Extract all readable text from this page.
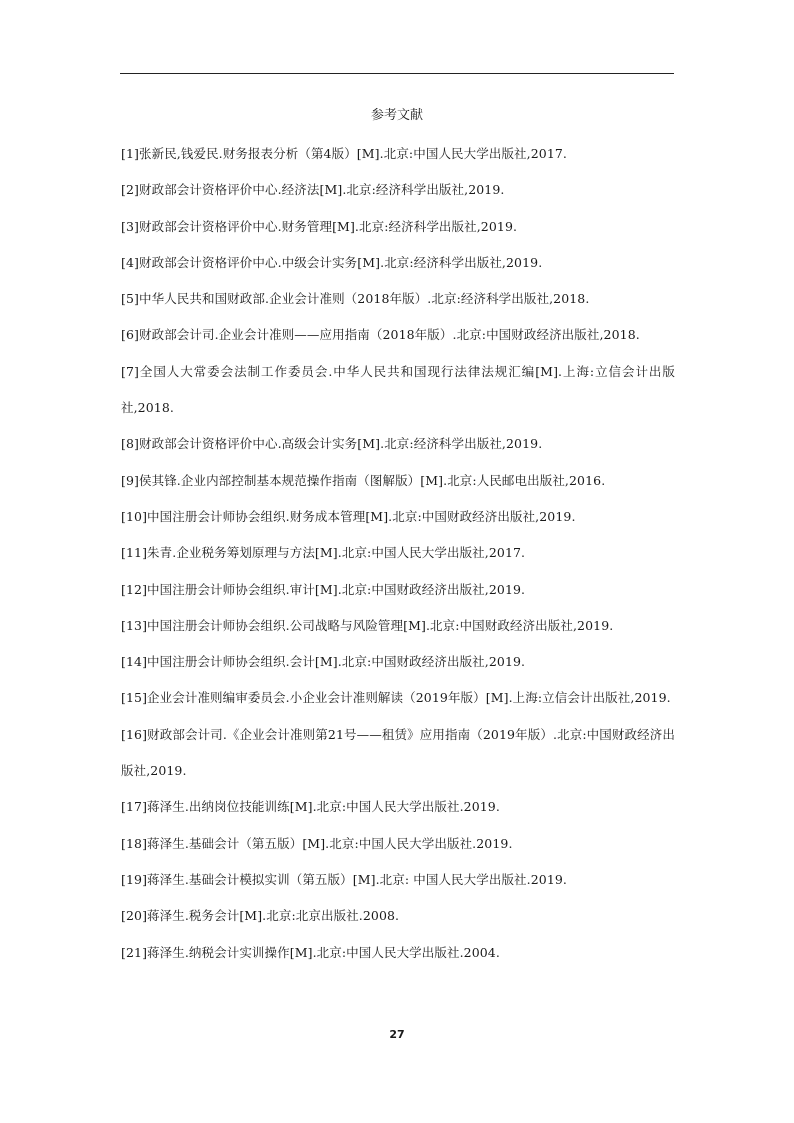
参考文献

[1]张新民,钱爱民.财务报表分析（第4版）[M].北京:中国人民大学出版社,2017.

[2]财政部会计资格评价中心.经济法[M].北京:经济科学出版社,2019.

[3]财政部会计资格评价中心.财务管理[M].北京:经济科学出版社,2019.

[4]财政部会计资格评价中心.中级会计实务[M].北京:经济科学出版社,2019.

[5]中华人民共和国财政部.企业会计准则（2018年版）.北京:经济科学出版社,2018.

[6]财政部会计司.企业会计准则——应用指南（2018年版）.北京:中国财政经济出版社,2018.

[7]全国人大常委会法制工作委员会.中华人民共和国现行法律法规汇编[M].上海:立信会计出版社,2018.

[8]财政部会计资格评价中心.高级会计实务[M].北京:经济科学出版社,2019.

[9]侯其锋.企业内部控制基本规范操作指南（图解版）[M].北京:人民邮电出版社,2016.

[10]中国注册会计师协会组织.财务成本管理[M].北京:中国财政经济出版社,2019.

[11]朱青.企业税务筹划原理与方法[M].北京:中国人民大学出版社,2017.

[12]中国注册会计师协会组织.审计[M].北京:中国财政经济出版社,2019.

[13]中国注册会计师协会组织.公司战略与风险管理[M].北京:中国财政经济出版社,2019.

[14]中国注册会计师协会组织.会计[M].北京:中国财政经济出版社,2019.

[15]企业会计准则编审委员会.小企业会计准则解读（2019年版）[M].上海:立信会计出版社,2019.

[16]财政部会计司.《企业会计准则第21号——租赁》应用指南（2019年版）.北京:中国财政经济出版社,2019.

[17]蒋泽生.出纳岗位技能训练[M].北京:中国人民大学出版社.2019.

[18]蒋泽生.基础会计（第五版）[M].北京:中国人民大学出版社.2019.

[19]蒋泽生.基础会计模拟实训（第五版）[M].北京: 中国人民大学出版社.2019.

[20]蒋泽生.税务会计[M].北京:北京出版社.2008.

[21]蒋泽生.纳税会计实训操作[M].北京:中国人民大学出版社.2004.

27
